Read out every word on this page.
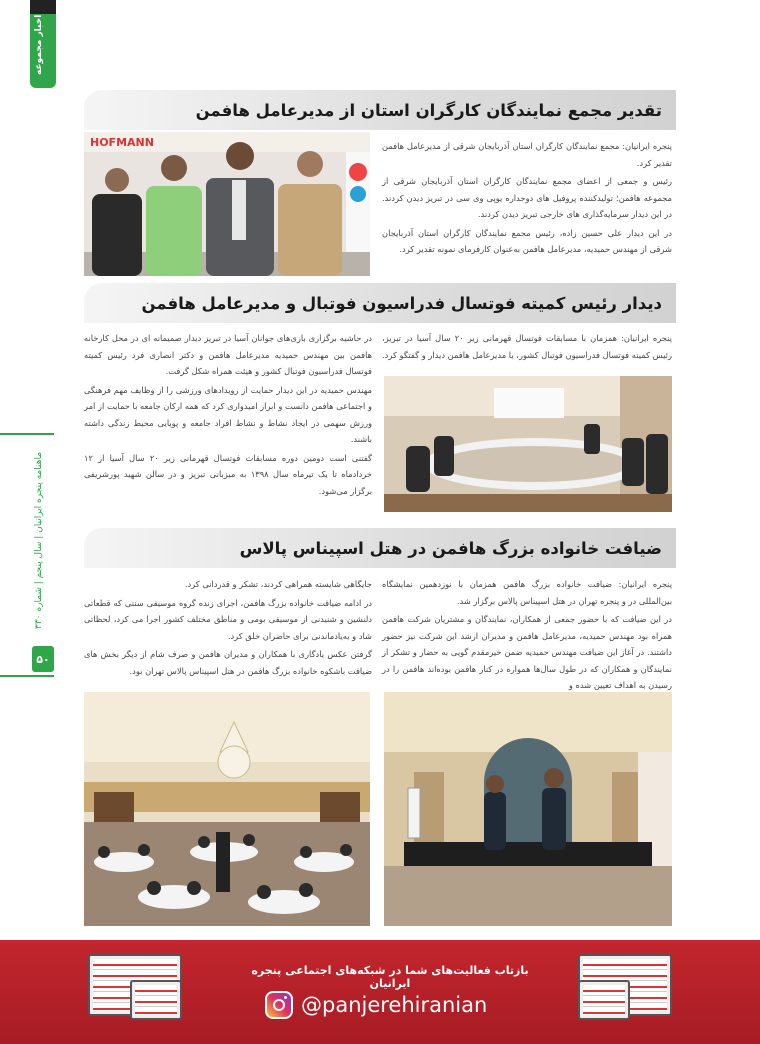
اخبار مجموعه
ماهنامه پنجره ایرانیان | سال پنجم | شماره ۳۳۰
۵۰
تقدیر مجمع نمایندگان کارگران استان از مدیرعامل هافمن
HOFMANN	پنجره ایرانیان: مجمع نمایندگان کارگران استان آذربایجان شرقی از مدیرعامل هافمن تقدیر کرد.

رئیس و جمعی از اعضای مجمع نمایندگان کارگران استان آذربایجان شرقی از مجموعه هافمن؛ تولیدکننده پروفیل های دوجداره یوپی وی سی در تبریز دیدن کردند. در این دیدار سرمایه‌گذاری های خارجی تبریز دیدن کردند.

در این دیدار علی حسین زاده، رئیس مجمع نمایندگان کارگران استان آذربایجان شرقی از مهندس حمیدیه، مدیرعامل هافمن به‌عنوان کارفرمای نمونه تقدیر کرد.

دیدار رئیس کمیته فوتسال فدراسیون فوتبال و مدیرعامل هافمن

پنجره ایرانیان: همزمان با مسابقات فوتسال قهرمانی زیر ۲۰ سال آسیا در تبریز، رئیس کمیته فوتسال فدراسیون فوتبال کشور، با مدیرعامل هافمن دیدار و گفتگو کرد.

در حاشیه برگزاری بازی‌های جوانان آسیا در تبریز دیدار صمیمانه ای در محل کارخانه هافمن بین مهندس حمیدیه مدیرعامل هافمن و دکتر انصاری فرد رئیس کمیته فوتسال فدراسیون فوتبال کشور و هیئت همراه شکل گرفت.

مهندس حمیدیه در این دیدار حمایت از رویدادهای ورزشی را از وظایف مهم فرهنگی و اجتماعی هافمن دانست و ابراز امیدواری کرد که همه ارکان جامعه با حمایت از امر ورزش سهمی در ایجاد نشاط و نشاط افراد جامعه و پویایی محیط زندگی داشته باشند.

گفتنی است دومین دوره مسابقات فوتسال قهرمانی زیر ۲۰ سال آسیا از ۱۲ خردادماه تا یک تیرماه سال ۱۳۹۸ به میزبانی تبریز و در سالن شهید پورشریفی برگزار می‌شود.

ضیافت خانواده بزرگ هافمن در هتل اسپیناس پالاس

پنجره ایرانیان: ضیافت خانواده بزرگ هافمن همزمان با نوزدهمین نمایشگاه بین‌المللی در و پنجره تهران در هتل اسپیناس پالاس برگزار شد.

در این ضیافت که با حضور جمعی از همکاران، نمایندگان و مشتریان شرکت هافمن همراه بود مهندس حمیدیه، مدیرعامل هافمن و مدیران ارشد این شرکت نیز حضور داشتند. در آغاز این ضیافت مهندس حمیدیه ضمن خیرمقدم گویی به حضار و تشکر از نمایندگان و همکاران که در طول سال‌ها همواره در کنار هافمن بوده‌اند هافمن را در رسیدن به اهداف تعیین شده و

جایگاهی شایسته همراهی کردند، تشکر و قدردانی کرد.

در ادامه ضیافت خانواده بزرگ هافمن، اجرای زنده گروه موسیقی سنتی که قطعاتی دلنشین و شنیدنی از موسیقی بومی و مناطق مختلف کشور اجرا می کرد، لحظاتی شاد و به‌یادماندنی برای حاضران خلق کرد.

گرفتن عکس یادگاری با همکاران و مدیران هافمن و صرف شام از دیگر بخش های ضیافت باشکوه خانواده بزرگ هافمن در هتل اسپیناس پالاس تهران بود.

بازتاب فعالیت‌های شما در شبکه‌های اجتماعی پنجره ایرانیان
@panjerehiranian
